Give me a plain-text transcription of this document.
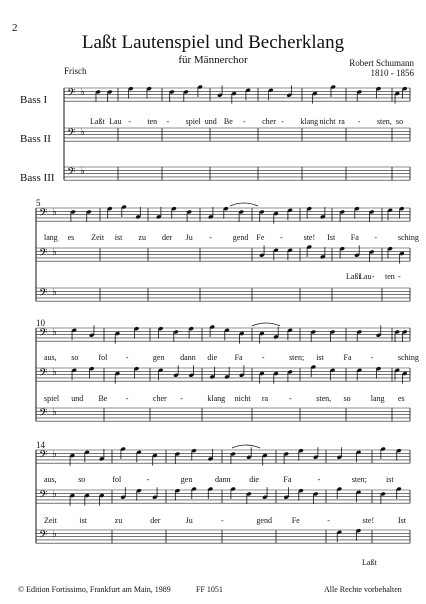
2
Laßt Lautenspiel und Becherklang
für Männerchor	Robert Schumann
1810 - 1856
Frisch
Bass I
Bass II
Bass III
5
10
14
𝄢 ♭
𝄢 ♭
𝄢 ♭
𝄢 ♭
𝄢 ♭
𝄢 ♭
𝄢 ♭
𝄢 ♭
𝄢 ♭
𝄢 ♭
𝄢 ♭
𝄢 ♭
Laßt Lau - ten - spiel und Be - cher - klang nicht ra - sten, so
lang es Zeit ist zu der Ju -	gend Fe -	ste! Ist Fa -	sching
Laßt
Lau - ten -
aus, so	fol -	gen dann die Fa -	sten; ist Fa -	sching
spiel und Be -	cher -	klang nicht ra	-	sten, so	lang es
aus,	so	fol	-	gen	dann die	Fa	-	sten; ist
Zeit	ist	zu	der	Ju	-	gend Fe	-	ste!	Ist
Laßt
© Edition Fortissimo, Frankfurt am Main, 1989	FF 1051	Alle Rechte vorbehalten
